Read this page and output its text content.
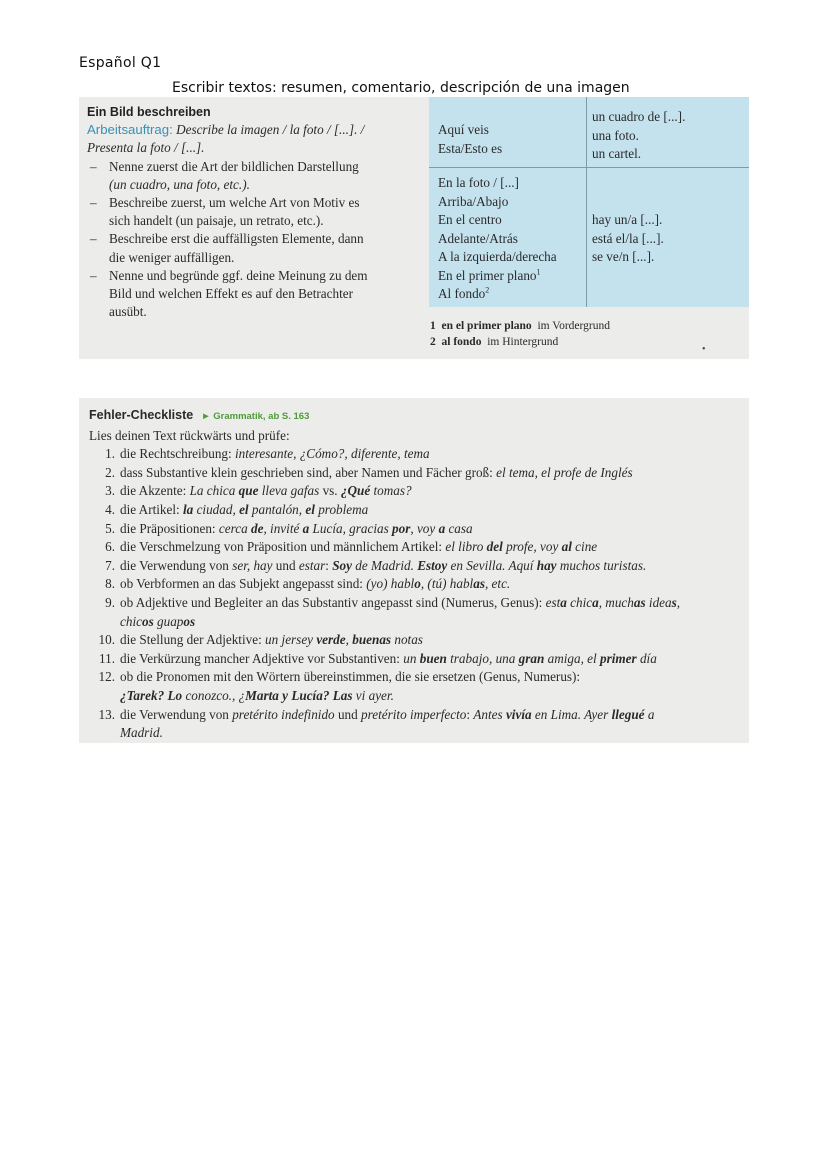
Español Q1
Escribir textos: resumen, comentario, descripción de una imagen
Ein Bild beschreiben
Arbeitsauftrag: Describe la imagen / la foto / [...]. /
Presenta la foto / [...].
– Nenne zuerst die Art der bildlichen Darstellung
(un cuadro, una foto, etc.).
– Beschreibe zuerst, um welche Art von Motiv es
sich handelt (un paisaje, un retrato, etc.).
– Beschreibe erst die auffälligsten Elemente, dann
die weniger auffälligen.
– Nenne und begründe ggf. deine Meinung zu dem
Bild und welchen Effekt es auf den Betrachter
ausübt.
Aquí veis
Esta/Esto es
un cuadro de [...].
una foto.
un cartel.
En la foto / [...]
Arriba/Abajo
En el centro
Adelante/Atrás
A la izquierda/derecha
En el primer plano$^1$
Al fondo$^2$
hay un/a [...].
está el/la [...].
se ve/n [...].
1 en el primer plano im Vordergrund
2 al fondo im Hintergrund
•
Fehler-Checkliste ► Grammatik, ab S. 163
Lies deinen Text rückwärts und prüfe:
1. die Rechtschreibung: interesante, ¿Cómo?, diferente, tema
2. dass Substantive klein geschrieben sind, aber Namen und Fächer groß: el tema, el profe de Inglés
3. die Akzente: La chica que lleva gafas vs. ¿Qué tomas?
4. die Artikel: la ciudad, el pantalón, el problema
5. die Präpositionen: cerca de, invité a Lucía, gracias por, voy a casa
6. die Verschmelzung von Präposition und männlichem Artikel: el libro del profe, voy al cine
7. die Verwendung von ser, hay und estar: Soy de Madrid. Estoy en Sevilla. Aquí hay muchos turistas.
8. ob Verbformen an das Subjekt angepasst sind: (yo) hablo, (tú) hablas, etc.
9. ob Adjektive und Begleiter an das Substantiv angepasst sind (Numerus, Genus): esta chica, muchas ideas,
chicos guapos
10. die Stellung der Adjektive: un jersey verde, buenas notas
11. die Verkürzung mancher Adjektive vor Substantiven: un buen trabajo, una gran amiga, el primer día
12. ob die Pronomen mit den Wörtern übereinstimmen, die sie ersetzen (Genus, Numerus):
¿Tarek? Lo conozco., ¿Marta y Lucía? Las vi ayer.
13. die Verwendung von pretérito indefinido und pretérito imperfecto: Antes vivía en Lima. Ayer llegué a
Madrid.
